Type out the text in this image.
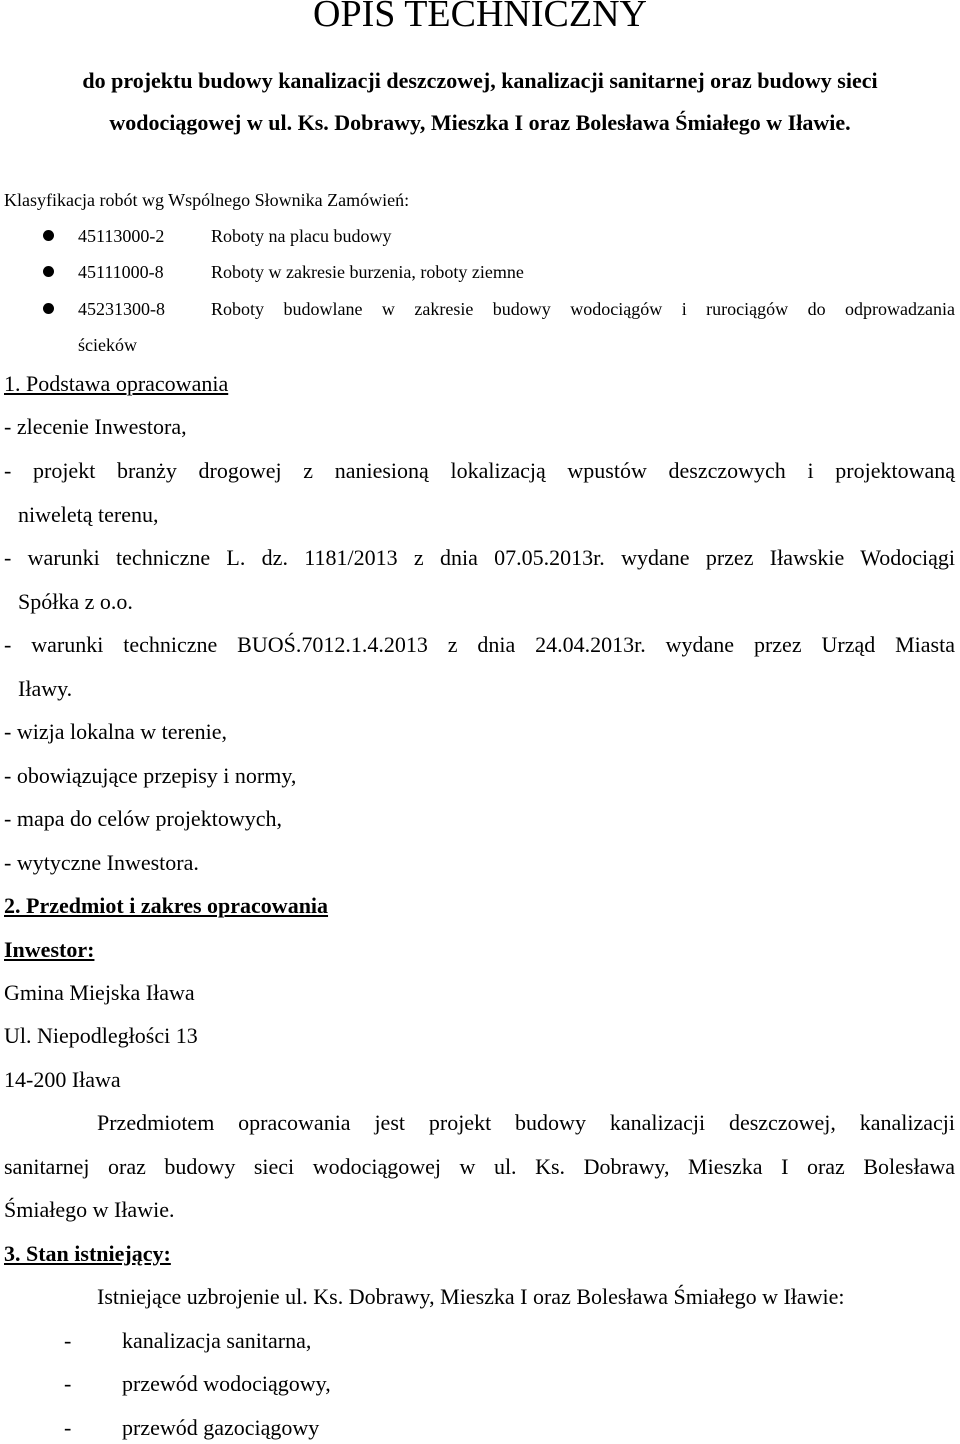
OPIS TECHNICZNY
do projektu budowy kanalizacji deszczowej, kanalizacji sanitarnej oraz budowy sieci
wodociągowej w ul. Ks. Dobrawy, Mieszka I oraz Bolesława Śmiałego w Iławie.
Klasyfikacja robót wg Wspólnego Słownika Zamówień:
45113000-2	Roboty na placu budowy
45111000-8	Roboty w zakresie burzenia, roboty ziemne
45231300-8	Roboty budowlane w zakresie budowy wodociągów i rurociągów do odprowadzania
ścieków
1. Podstawa opracowania
- zlecenie Inwestora,
- projekt branży drogowej z naniesioną lokalizacją wpustów deszczowych i projektowaną
niweletą terenu,
- warunki techniczne L. dz. 1181/2013 z dnia 07.05.2013r. wydane przez Iławskie Wodociągi
Spółka z o.o.
- warunki techniczne BUOŚ.7012.1.4.2013 z dnia 24.04.2013r. wydane przez Urząd Miasta
Iławy.
- wizja lokalna w terenie,
- obowiązujące przepisy i normy,
- mapa do celów projektowych,
- wytyczne Inwestora.
2. Przedmiot i zakres opracowania
Inwestor:
Gmina Miejska Iława
Ul. Niepodległości 13
14-200 Iława
Przedmiotem opracowania jest projekt budowy kanalizacji deszczowej, kanalizacji
sanitarnej oraz budowy sieci wodociągowej w ul. Ks. Dobrawy, Mieszka I oraz Bolesława
Śmiałego w Iławie.
3. Stan istniejący:
Istniejące uzbrojenie ul. Ks. Dobrawy, Mieszka I oraz Bolesława Śmiałego w Iławie:
- kanalizacja sanitarna,
- przewód wodociągowy,
- przewód gazociągowy
